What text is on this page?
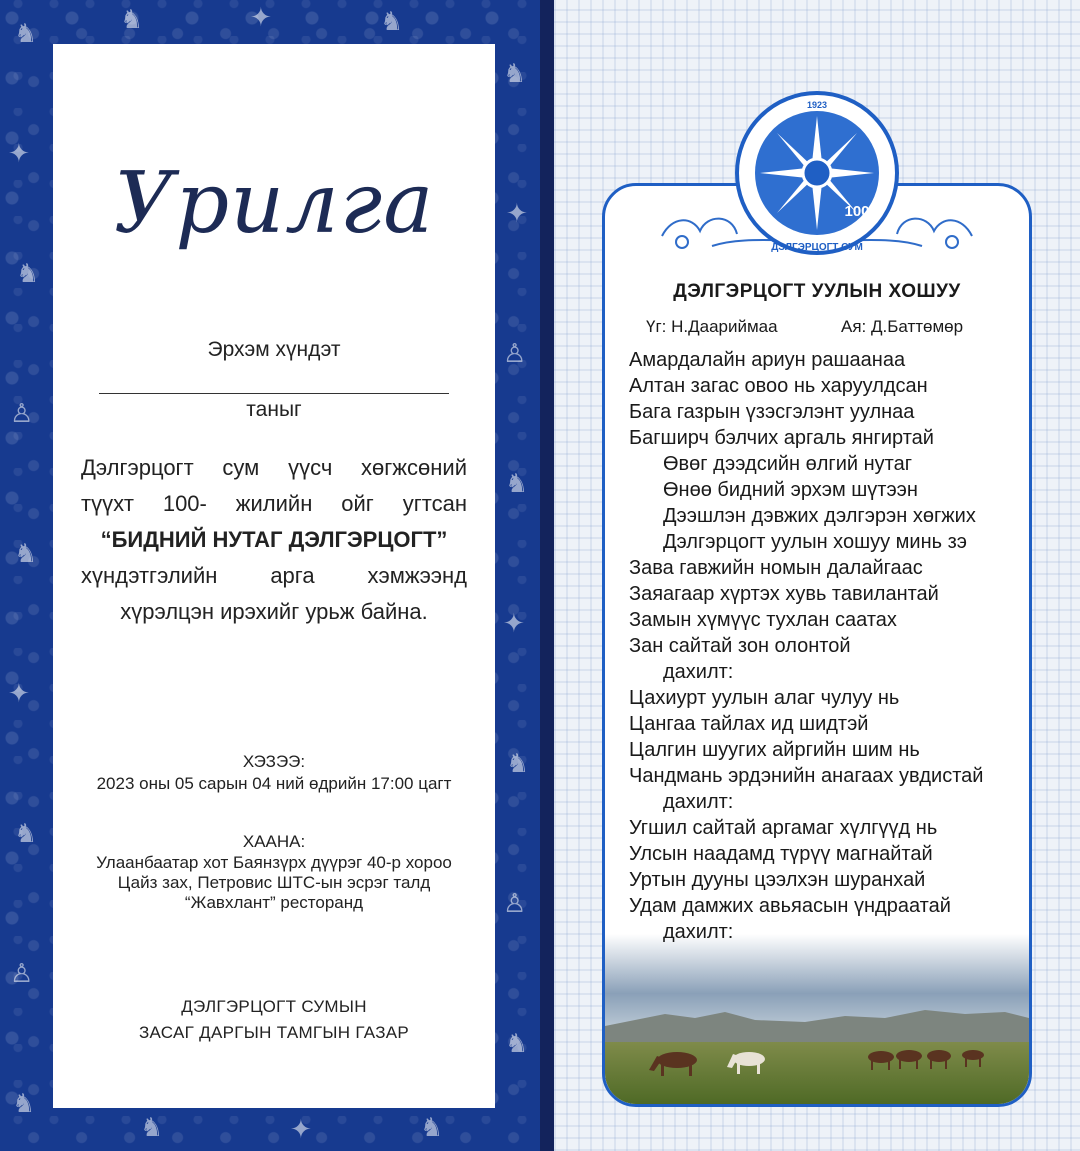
♞
✦
♞
♙
♞
✦
♞
♙
♞
♞
✦
♙
♞
✦
♞
♙
♞
♞	✦	♞
♞	✦	♞
Урилга
Эрхэм хүндэт
таныг
Дэлгэрцогт сум үүсч хөгжсөний
түүхт 100- жилийн ойг угтсан
“БИДНИЙ НУТАГ ДЭЛГЭРЦОГТ”
хүндэтгэлийн арга хэмжээнд
хүрэлцэн ирэхийг урьж байна.
ХЭЗЭЭ:
2023 оны 05 сарын 04 ний өдрийн 17:00 цагт
ХААНА:
Улаанбаатар хот Баянзүрх дүүрэг 40-р хороо
Цайз зах, Петровис ШТС-ын эсрэг талд
“Жавхлант” ресторанд
ДЭЛГЭРЦОГТ СУМЫН
ЗАСАГ ДАРГЫН ТАМГЫН ГАЗАР
1923
100
ДЭЛГЭРЦОГТ СУМ
ДЭЛГЭРЦОГТ УУЛЫН ХОШУУ
Үг: Н.Даариймаа	Ая: Д.Баттөмөр
Амардалайн ариун рашаанаа
Алтан загас овоо нь харуулдсан
Бага газрын үзэсгэлэнт уулнаа
Багширч бэлчих аргаль янгиртай
Өвөг дээдсийн өлгий нутаг
Өнөө бидний эрхэм шүтээн
Дээшлэн дэвжих дэлгэрэн хөгжих
Дэлгэрцогт уулын хошуу минь зэ
Зава гавжийн номын далайгаас
Заяагаар хүртэх хувь тавилантай
Замын хүмүүс тухлан саатах
Зан сайтай зон олонтой
дахилт:
Цахиурт уулын алаг чулуу нь
Цангаа тайлах ид шидтэй
Цалгин шуугих айргийн шим нь
Чандмань эрдэнийн анагаах увдистай
дахилт:
Угшил сайтай аргамаг хүлгүүд нь
Улсын наадамд түрүү магнайтай
Уртын дууны цээлхэн шуранхай
Удам дамжих авьяасын үндраатай
дахилт:
